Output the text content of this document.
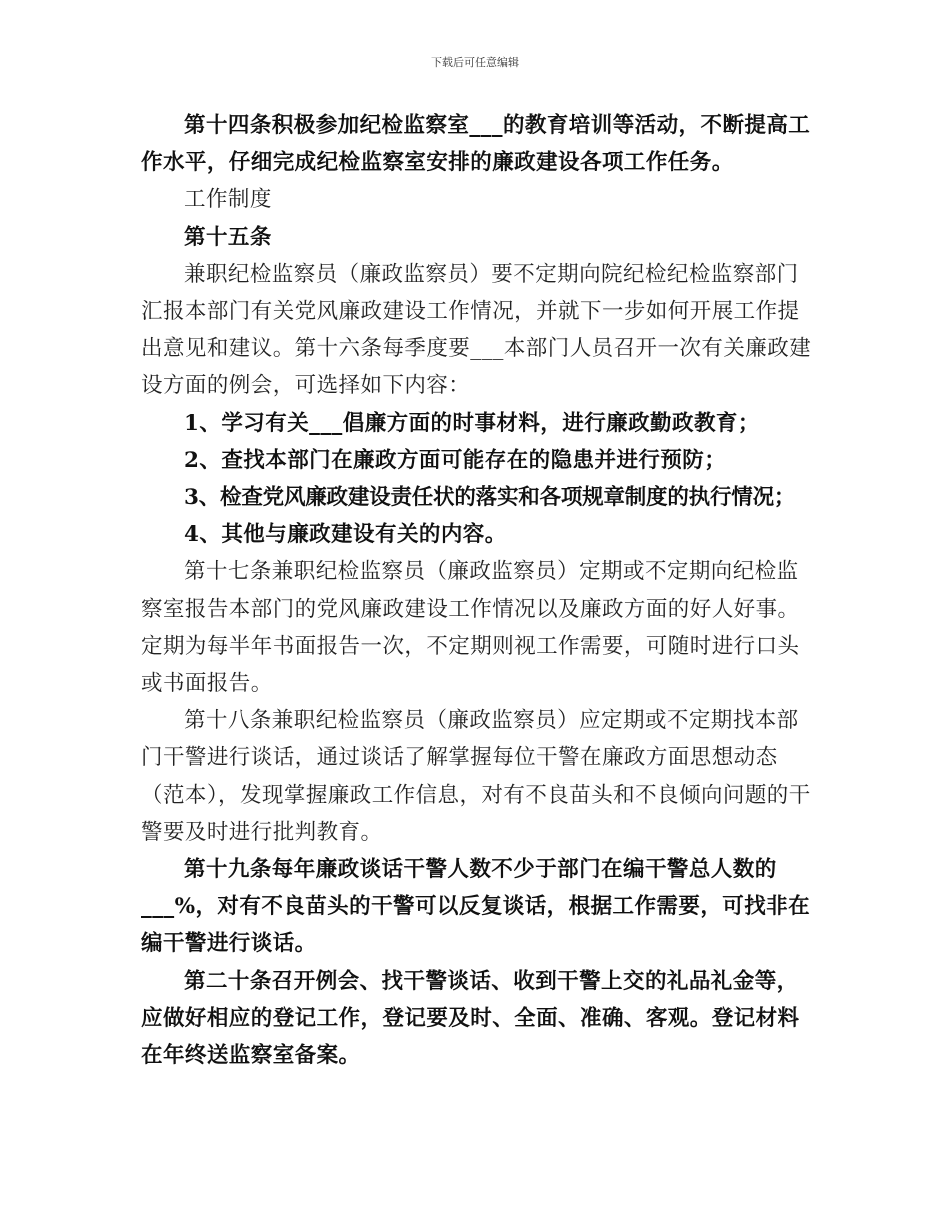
下载后可任意编辑

第十四条积极参加纪检监察室___的教育培训等活动，不断提高工作水平，仔细完成纪检监察室安排的廉政建设各项工作任务。

工作制度

第十五条

兼职纪检监察员（廉政监察员）要不定期向院纪检纪检监察部门汇报本部门有关党风廉政建设工作情况，并就下一步如何开展工作提出意见和建议。第十六条每季度要___本部门人员召开一次有关廉政建设方面的例会，可选择如下内容：

1、学习有关___倡廉方面的时事材料，进行廉政勤政教育；

2、查找本部门在廉政方面可能存在的隐患并进行预防；

3、检查党风廉政建设责任状的落实和各项规章制度的执行情况；

4、其他与廉政建设有关的内容。

第十七条兼职纪检监察员（廉政监察员）定期或不定期向纪检监察室报告本部门的党风廉政建设工作情况以及廉政方面的好人好事。定期为每半年书面报告一次，不定期则视工作需要，可随时进行口头或书面报告。

第十八条兼职纪检监察员（廉政监察员）应定期或不定期找本部门干警进行谈话，通过谈话了解掌握每位干警在廉政方面思想动态（范本），发现掌握廉政工作信息，对有不良苗头和不良倾向问题的干警要及时进行批判教育。

第十九条每年廉政谈话干警人数不少于部门在编干警总人数的___%，对有不良苗头的干警可以反复谈话，根据工作需要，可找非在编干警进行谈话。

第二十条召开例会、找干警谈话、收到干警上交的礼品礼金等，应做好相应的登记工作，登记要及时、全面、准确、客观。登记材料在年终送监察室备案。
